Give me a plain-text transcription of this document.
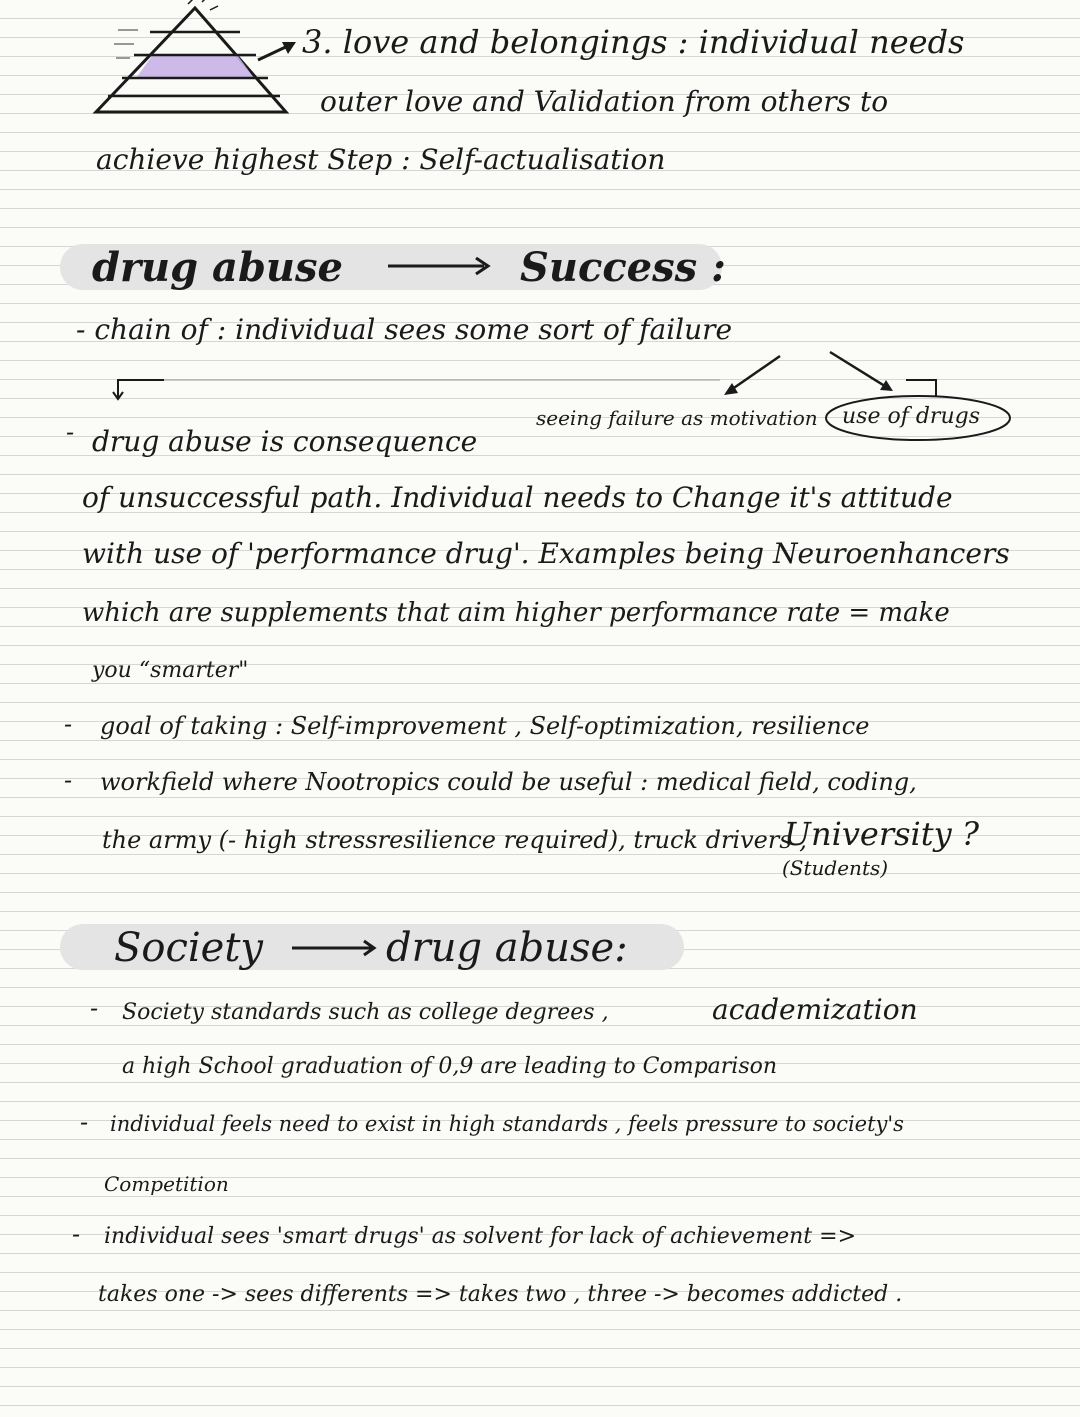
3. love and belongings : individual needs
outer love and Validation from others to
achieve highest Step : Self-actualisation
drug abuse	Success :
- chain of : individual sees some sort of failure
seeing failure as motivation use of drugs
- drug abuse is consequence
of unsuccessful path. Individual needs to Change it's attitude
with use of 'performance drug'. Examples being Neuroenhancers
which are supplements that aim higher performance rate = make
you “smarter"
- goal of taking : Self-improvement , Self-optimization, resilience
- workfield where Nootropics could be useful : medical field, coding,
the army (- high stressresilience required), truck drivers ,
University ?
(Students)
Society	drug abuse:
- Society standards such as college degrees ,	academization
a high School graduation of 0,9 are leading to Comparison
- individual feels need to exist in high standards , feels pressure to society's
Competition
- individual sees 'smart drugs' as solvent for lack of achievement =>
takes one -> sees differents => takes two , three -> becomes addicted .
